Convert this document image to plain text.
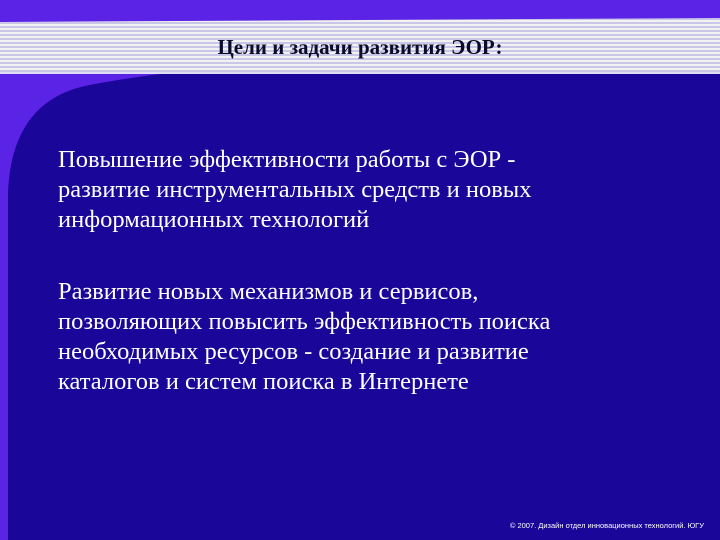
Цели и задачи развития ЭОР:
Повышение эффективности работы с ЭОР -
развитие инструментальных средств и новых
информационных технологий
Развитие новых механизмов и сервисов,
позволяющих повысить эффективность поиска
необходимых ресурсов - создание и развитие
каталогов и систем поиска в Интернете
© 2007. Дизайн отдел инновационных технологий. ЮГУ
